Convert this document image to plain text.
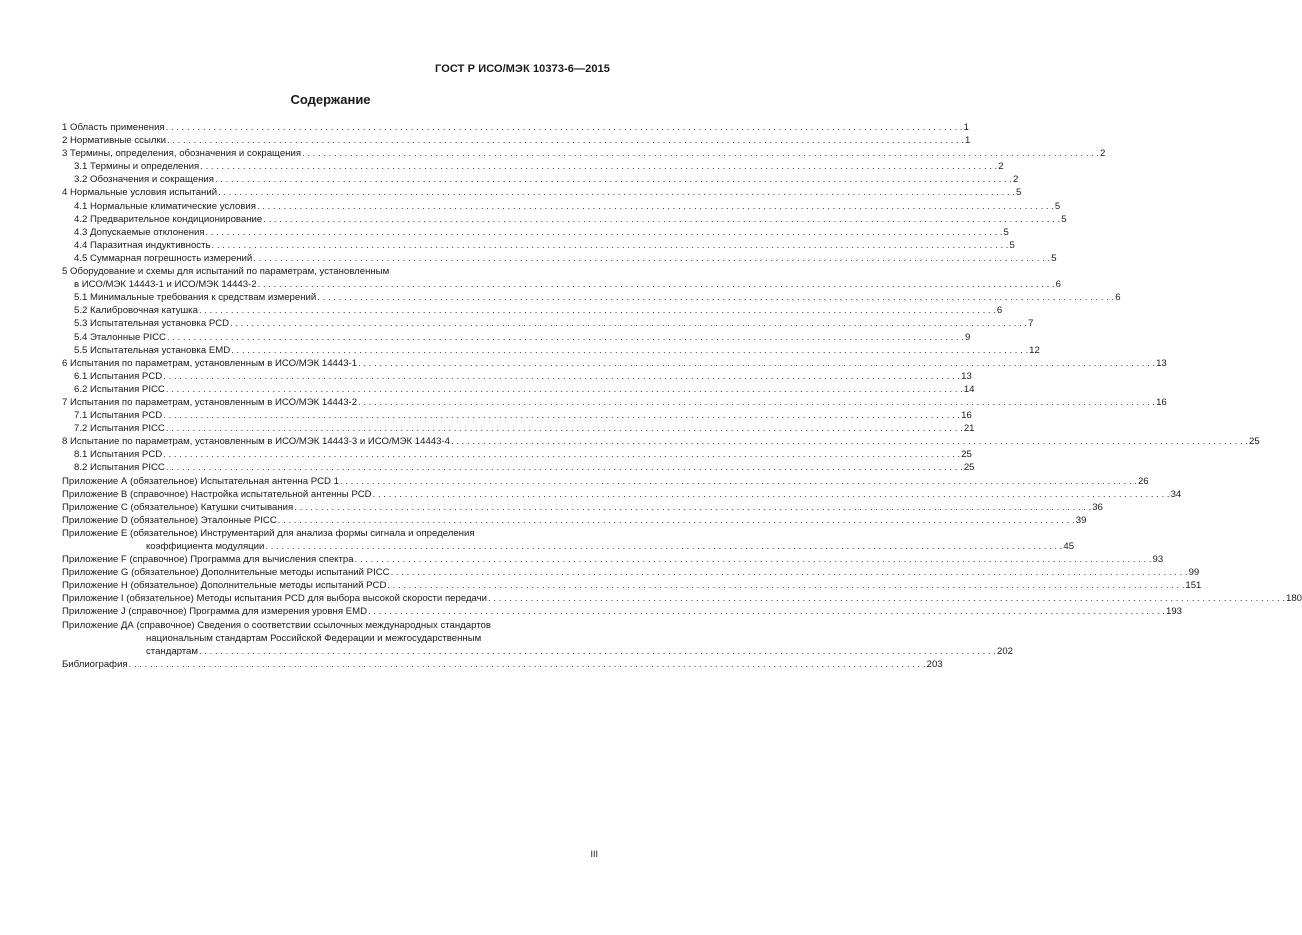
ГОСТ Р ИСО/МЭК 10373-6—2015
Содержание
1 Область применения . . .	1
2 Нормативные ссылки . . .	1
3 Термины, определения, обозначения и сокращения . . .	2
3.1 Термины и определения . . .	2
3.2 Обозначения и сокращения . . .	2
4 Нормальные условия испытаний . . .	5
4.1 Нормальные климатические условия . . .	5
4.2 Предварительное кондиционирование . . .	5
4.3 Допускаемые отклонения . . .	5
4.4 Паразитная индуктивность . . .	5
4.5 Суммарная погрешность измерений . . .	5
5 Оборудование и схемы для испытаний по параметрам, установленным
в ИСО/МЭК 14443-1 и ИСО/МЭК 14443-2 . . .	6
5.1 Минимальные требования к средствам измерений . . .	6
5.2 Калибровочная катушка . . .	6
5.3 Испытательная установка PCD . . .	7
5.4 Эталонные PICC . . .	9
5.5 Испытательная установка EMD . . .	12
6 Испытания по параметрам, установленным в ИСО/МЭК 14443-1 . . .	13
6.1 Испытания PCD . . .	13
6.2 Испытания PICC . . .	14
7 Испытания по параметрам, установленным в ИСО/МЭК 14443-2 . . .	16
7.1 Испытания PCD . . .	16
7.2 Испытания PICC . . .	21
8 Испытание по параметрам, установленным в ИСО/МЭК 14443-3 и ИСО/МЭК 14443-4 . . .	25
8.1 Испытания PCD . . .	25
8.2 Испытания PICC . . .	25
Приложение А (обязательное) Испытательная антенна PCD 1 . . .	26
Приложение В (справочное) Настройка испытательной антенны PCD . . .	34
Приложение С (обязательное) Катушки считывания . . .	36
Приложение D (обязательное) Эталонные PICC . . .	39
Приложение Е (обязательное) Инструментарий для анализа формы сигнала и определения
коэффициента модуляции . . .	45
Приложение F (справочное) Программа для вычисления спектра . . .	93
Приложение G (обязательное) Дополнительные методы испытаний PICC . . .	99
Приложение Н (обязательное) Дополнительные методы испытаний PCD . . .	151
Приложение I (обязательное) Методы испытания PCD для выбора высокой скорости передачи . . .	180
Приложение J (справочное) Программа для измерения уровня EMD . . .	193
Приложение ДА (справочное) Сведения о соответствии ссылочных международных стандартов
национальным стандартам Российской Федерации и межгосударственным
стандартам . . .	202
Библиография . . .	203
III
